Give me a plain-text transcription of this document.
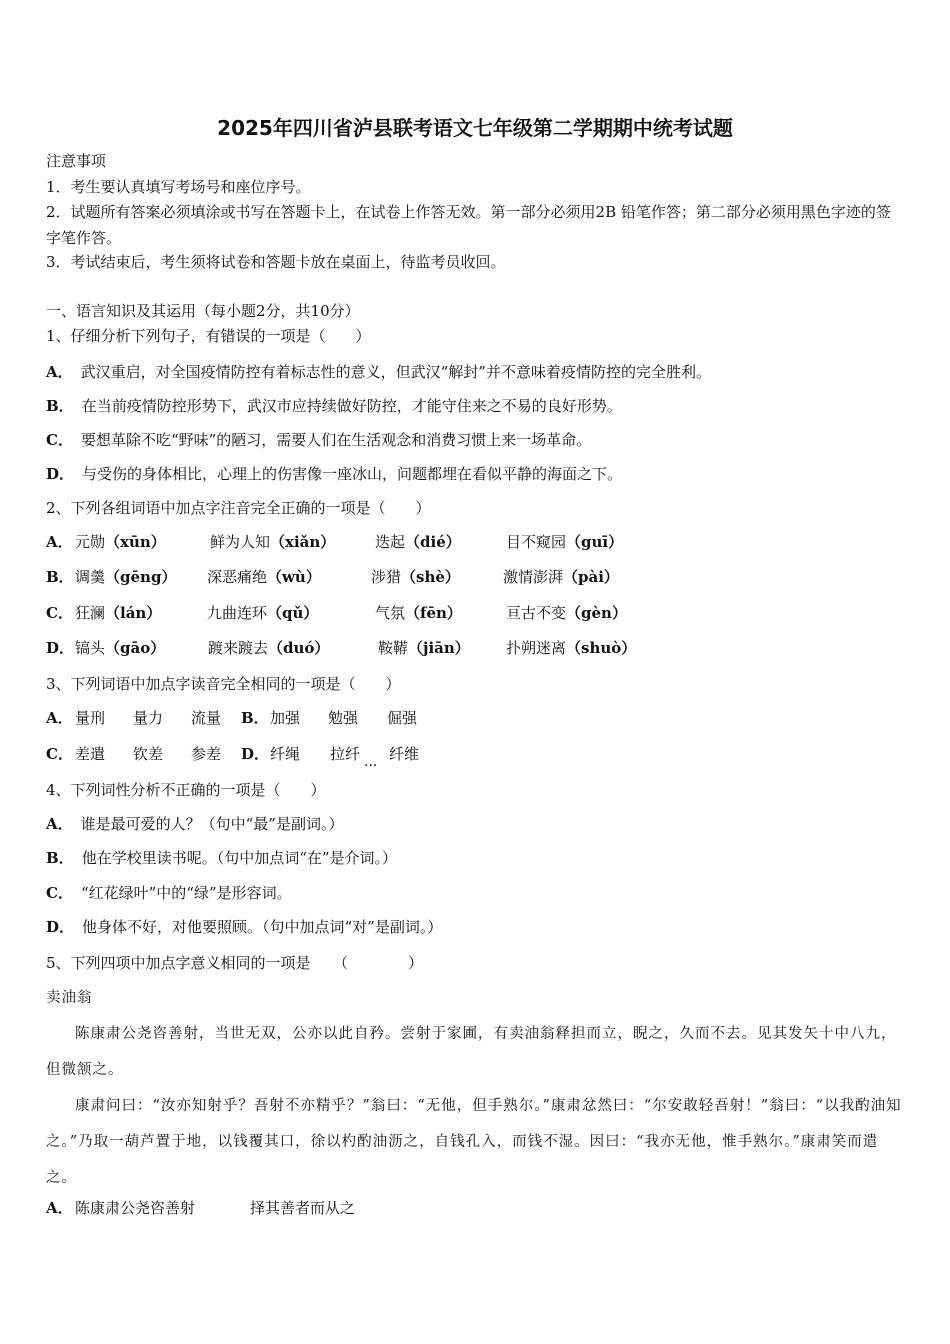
2025年四川省泸县联考语文七年级第二学期期中统考试题
注意事项
1．考生要认真填写考场号和座位序号。
2．试题所有答案必须填涂或书写在答题卡上，在试卷上作答无效。第一部分必须用2B 铅笔作答；第二部分必须用黑色字迹的签字笔作答。
3．考试结束后，考生须将试卷和答题卡放在桌面上，待监考员收回。
一、语言知识及其运用（每小题2分，共10分）
1、仔细分析下列句子，有错误的一项是（　　）
A． 武汉重启，对全国疫情防控有着标志性的意义，但武汉“解封”并不意味着疫情防控的完全胜利。
B． 在当前疫情防控形势下，武汉市应持续做好防控，才能守住来之不易的良好形势。
C． 要想革除不吃“野味”的陋习，需要人们在生活观念和消费习惯上来一场革命。
D． 与受伤的身体相比，心理上的伤害像一座冰山，问题都埋在看似平静的海面之下。
2、下列各组词语中加点字注音完全正确的一项是（　　）
A． 元勋（xūn）	鲜为人知（xiǎn）	迭起（dié）	目不窥园（guī）
B． 调羹（gēng） 深恶痛绝（wù）	涉猎（shè）	激情澎湃（pài）
C． 狂澜（lán）	九曲连环（qǔ）	气氛（fēn）	亘古不变（gèn）
D． 镐头（gāo）	踱来踱去（duó）	鞍鞯（jiān） 扑朔迷离（shuò）
3、下列词语中加点字读音完全相同的一项是（　　）
A． 量刑 量力 流量 B． 加强 勉强 倔强
C． 差遣 钦差 参差 D． 纤绳 拉纤 ... 纤维
4、下列词性分析不正确的一项是（　　）
A． 谁是最可爱的人？（句中“最”是副词。）
B． 他在学校里读书呢。（句中加点词“在”是介词。）
C． “红花绿叶”中的“绿”是形容词。
D． 他身体不好，对他要照顾。（句中加点词“对”是副词。）
5、下列四项中加点字意义相同的一项是　　（　　　　）
卖油翁
陈康肃公尧咨善射，当世无双，公亦以此自矜。尝射于家圃，有卖油翁释担而立，睨之，久而不去。见其发矢十中八九，但微颔之。
康肃问曰：“汝亦知射乎？吾射不亦精乎？”翁曰：“无他，但手熟尔。”康肃忿然曰：“尔安敢轻吾射！”翁曰：“以我酌油知之。”乃取一葫芦置于地，以钱覆其口，徐以杓酌油沥之，自钱孔入，而钱不湿。因曰：“我亦无他，惟手熟尔。”康肃笑而遣之。
A． 陈康肃公尧咨善射	择其善者而从之
